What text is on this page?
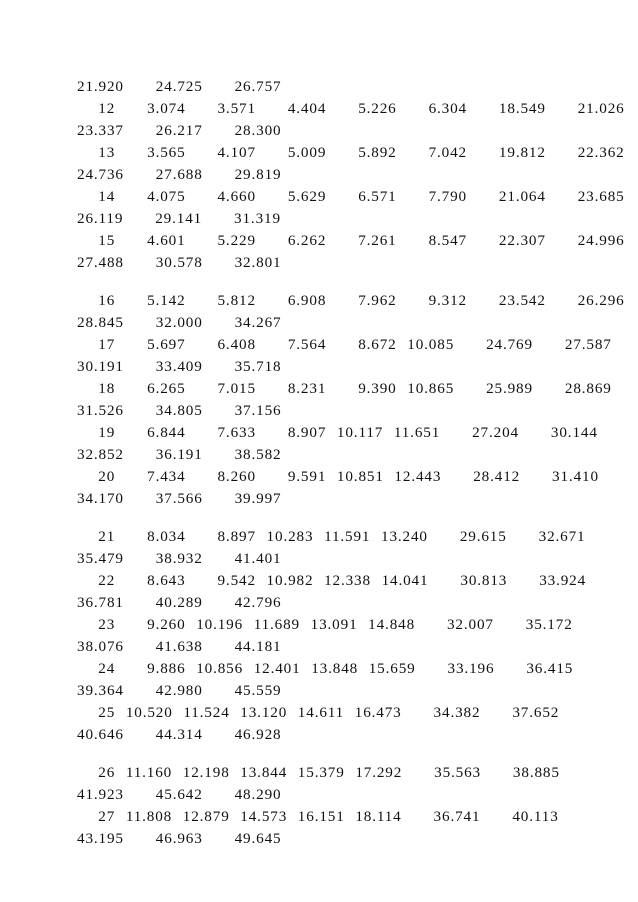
21.920   24.725   26.757
12   3.074   3.571   4.404   5.226   6.304   18.549   21.026
23.337   26.217   28.300
13   3.565   4.107   5.009   5.892   7.042   19.812   22.362
24.736   27.688   29.819
14   4.075   4.660   5.629   6.571   7.790   21.064   23.685
26.119   29.141   31.319
15   4.601   5.229   6.262   7.261   8.547   22.307   24.996
27.488   30.578   32.801
16   5.142   5.812   6.908   7.962   9.312   23.542   26.296
28.845   32.000   34.267
17   5.697   6.408   7.564   8.672 10.085   24.769   27.587
30.191   33.409   35.718
18   6.265   7.015   8.231   9.390 10.865   25.989   28.869
31.526   34.805   37.156
19   6.844   7.633   8.907 10.117 11.651   27.204   30.144
32.852   36.191   38.582
20   7.434   8.260   9.591 10.851 12.443   28.412   31.410
34.170   37.566   39.997
21   8.034   8.897 10.283 11.591 13.240   29.615   32.671
35.479   38.932   41.401
22   8.643   9.542 10.982 12.338 14.041   30.813   33.924
36.781   40.289   42.796
23   9.260 10.196 11.689 13.091 14.848   32.007   35.172
38.076   41.638   44.181
24   9.886 10.856 12.401 13.848 15.659   33.196   36.415
39.364   42.980   45.559
25 10.520 11.524 13.120 14.611 16.473   34.382   37.652
40.646   44.314   46.928
26 11.160 12.198 13.844 15.379 17.292   35.563   38.885
41.923   45.642   48.290
27 11.808 12.879 14.573 16.151 18.114   36.741   40.113
43.195   46.963   49.645
